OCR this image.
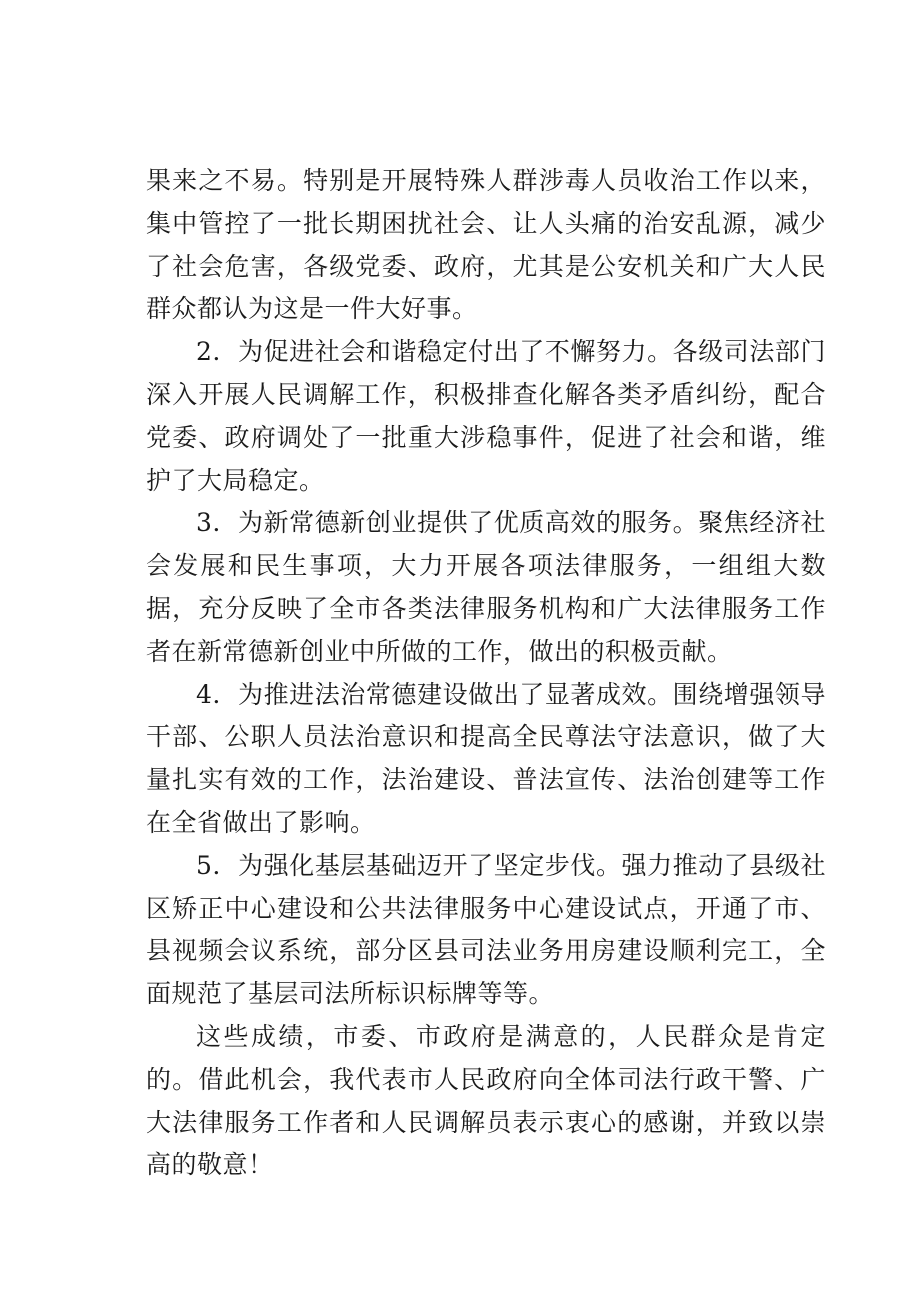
果来之不易。特别是开展特殊人群涉毒人员收治工作以来，集中管控了一批长期困扰社会、让人头痛的治安乱源，减少了社会危害，各级党委、政府，尤其是公安机关和广大人民群众都认为这是一件大好事。

2．为促进社会和谐稳定付出了不懈努力。各级司法部门深入开展人民调解工作，积极排查化解各类矛盾纠纷，配合党委、政府调处了一批重大涉稳事件，促进了社会和谐，维护了大局稳定。

3．为新常德新创业提供了优质高效的服务。聚焦经济社会发展和民生事项，大力开展各项法律服务，一组组大数据，充分反映了全市各类法律服务机构和广大法律服务工作者在新常德新创业中所做的工作，做出的积极贡献。

4．为推进法治常德建设做出了显著成效。围绕增强领导干部、公职人员法治意识和提高全民尊法守法意识，做了大量扎实有效的工作，法治建设、普法宣传、法治创建等工作在全省做出了影响。

5．为强化基层基础迈开了坚定步伐。强力推动了县级社区矫正中心建设和公共法律服务中心建设试点，开通了市、县视频会议系统，部分区县司法业务用房建设顺利完工，全面规范了基层司法所标识标牌等等。

这些成绩，市委、市政府是满意的，人民群众是肯定的。借此机会，我代表市人民政府向全体司法行政干警、广大法律服务工作者和人民调解员表示衷心的感谢，并致以崇高的敬意！
